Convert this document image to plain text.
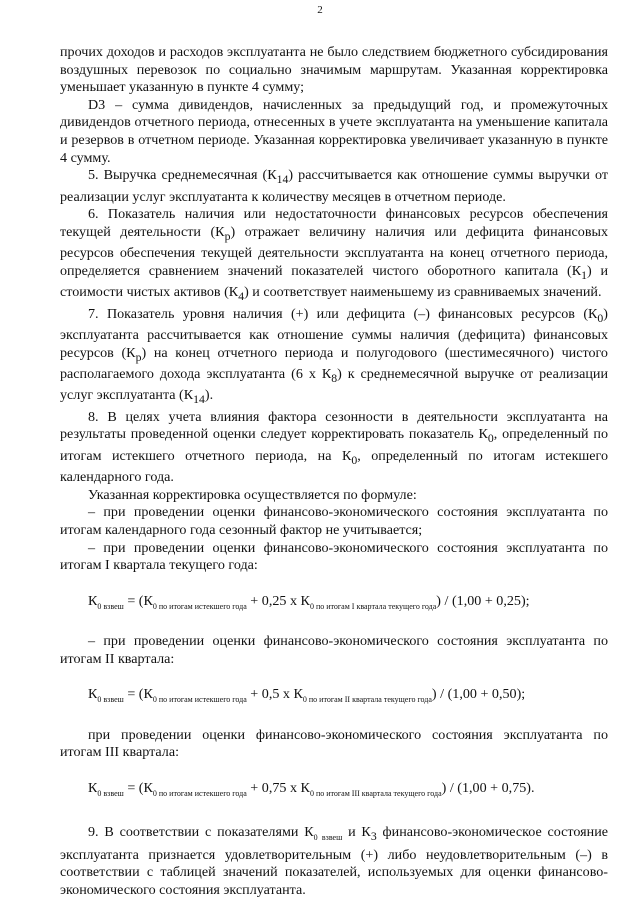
2

прочих доходов и расходов эксплуатанта не было следствием бюджетного субсидирования воздушных перевозок по социально значимым маршрутам. Указанная корректировка уменьшает указанную в пункте 4 сумму;

D3 – сумма дивидендов, начисленных за предыдущий год, и промежуточных дивидендов отчетного периода, отнесенных в учете эксплуатанта на уменьшение капитала и резервов в отчетном периоде. Указанная корректировка увеличивает указанную в пункте 4 сумму.

5. Выручка среднемесячная $(К_{14})$ рассчитывается как отношение суммы выручки от реализации услуг эксплуатанта к количеству месяцев в отчетном периоде.

6. Показатель наличия или недостаточности финансовых ресурсов обеспечения текущей деятельности $(К_р)$ отражает величину наличия или дефицита финансовых ресурсов обеспечения текущей деятельности эксплуатанта на конец отчетного периода, определяется сравнением значений показателей чистого оборотного капитала $(К_1)$ и стоимости чистых активов $(К_4)$ и соответствует наименьшему из сравниваемых значений.

7. Показатель уровня наличия (+) или дефицита (–) финансовых ресурсов $(К_0)$ эксплуатанта рассчитывается как отношение суммы наличия (дефицита) финансовых ресурсов $(К_р)$ на конец отчетного периода и полугодового (шестимесячного) чистого располагаемого дохода эксплуатанта (6 х $К_8$) к среднемесячной выручке от реализации услуг эксплуатанта $(К_{14})$.

8. В целях учета влияния фактора сезонности в деятельности эксплуатанта на результаты проведенной оценки следует корректировать показатель $К_0$, определенный по итогам истекшего отчетного периода, на $К_0$, определенный по итогам истекшего календарного года.

Указанная корректировка осуществляется по формуле:

– при проведении оценки финансово-экономического состояния эксплуатанта по итогам календарного года сезонный фактор не учитывается;

– при проведении оценки финансово-экономического состояния эксплуатанта по итогам I квартала текущего года:

$К_{0 взвеш} = (К_{0 по итогам истекшего года} + 0,25$ х $К_{0 по итогам I квартала текущего года}) / (1,00 + 0,25)$;

– при проведении оценки финансово-экономического состояния эксплуатанта по итогам II квартала:

$К_{0 взвеш} = (К_{0 по итогам истекшего года} + 0,5$ х $К_{0 по итогам II квартала текущего года}) / (1,00 + 0,50)$;

при проведении оценки финансово-экономического состояния эксплуатанта по итогам III квартала:

$К_{0 взвеш} = (К_{0 по итогам истекшего года} + 0,75$ х $К_{0 по итогам III квартала текущего года}) / (1,00 + 0,75)$.

9. В соответствии с показателями $К_{0 взвеш}$ и $К_3$ финансово-экономическое состояние эксплуатанта признается удовлетворительным (+) либо неудовлетворительным (–) в соответствии с таблицей значений показателей, используемых для оценки финансово-экономического состояния эксплуатанта.
